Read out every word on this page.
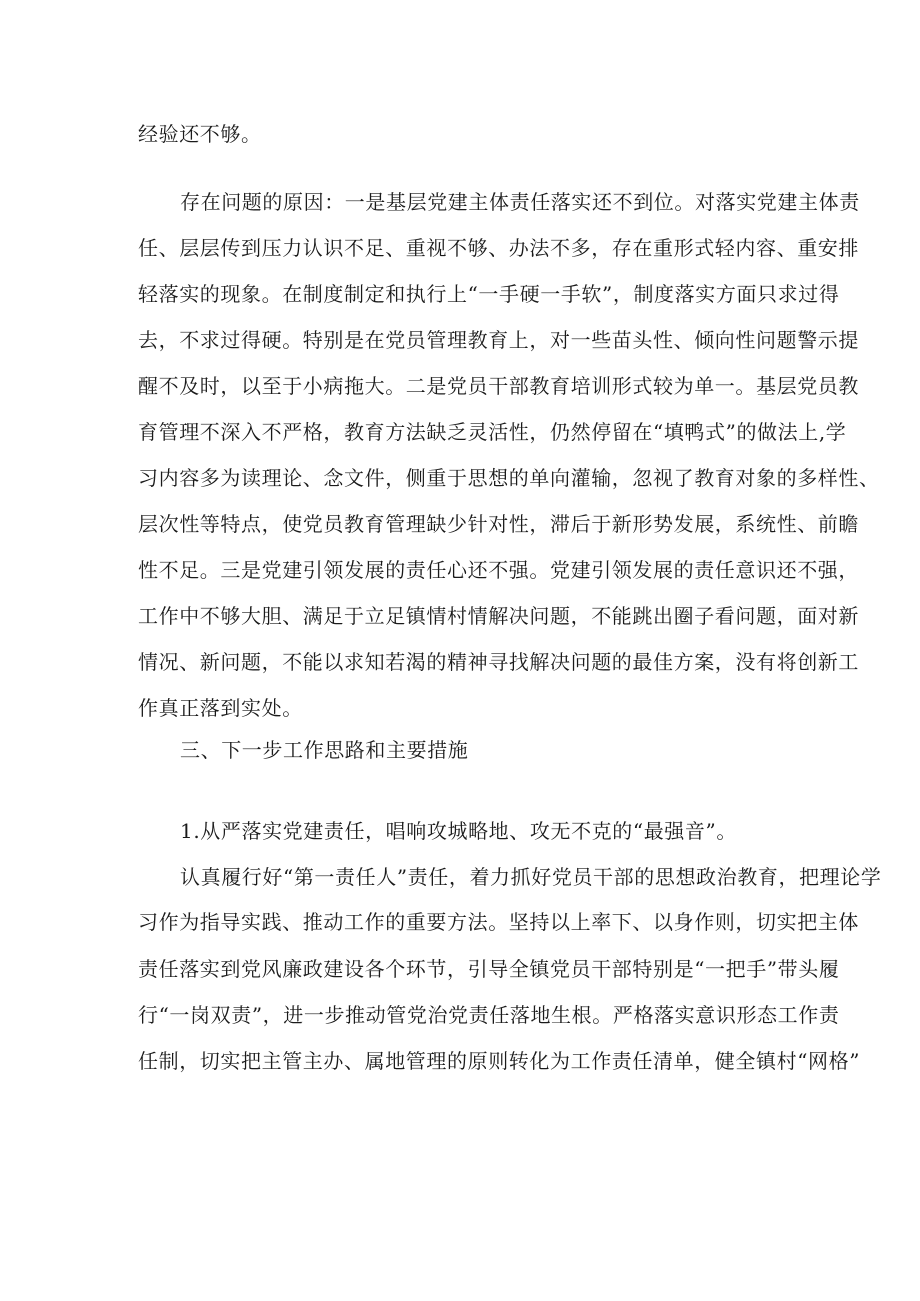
经验还不够。
存在问题的原因：一是基层党建主体责任落实还不到位。对落实党建主体责
任、层层传到压力认识不足、重视不够、办法不多，存在重形式轻内容、重安排
轻落实的现象。在制度制定和执行上“一手硬一手软”，制度落实方面只求过得
去，不求过得硬。特别是在党员管理教育上，对一些苗头性、倾向性问题警示提
醒不及时，以至于小病拖大。二是党员干部教育培训形式较为单一。基层党员教
育管理不深入不严格，教育方法缺乏灵活性，仍然停留在“填鸭式”的做法上,学
习内容多为读理论、念文件，侧重于思想的单向灌输，忽视了教育对象的多样性、
层次性等特点，使党员教育管理缺少针对性，滞后于新形势发展，系统性、前瞻
性不足。三是党建引领发展的责任心还不强。党建引领发展的责任意识还不强，
工作中不够大胆、满足于立足镇情村情解决问题，不能跳出圈子看问题，面对新
情况、新问题，不能以求知若渴的精神寻找解决问题的最佳方案，没有将创新工
作真正落到实处。
三、下一步工作思路和主要措施
1.从严落实党建责任，唱响攻城略地、攻无不克的“最强音”。
认真履行好“第一责任人”责任，着力抓好党员干部的思想政治教育，把理论学
习作为指导实践、推动工作的重要方法。坚持以上率下、以身作则，切实把主体
责任落实到党风廉政建设各个环节，引导全镇党员干部特别是“一把手”带头履
行“一岗双责”，进一步推动管党治党责任落地生根。严格落实意识形态工作责
任制，切实把主管主办、属地管理的原则转化为工作责任清单，健全镇村“网格”
